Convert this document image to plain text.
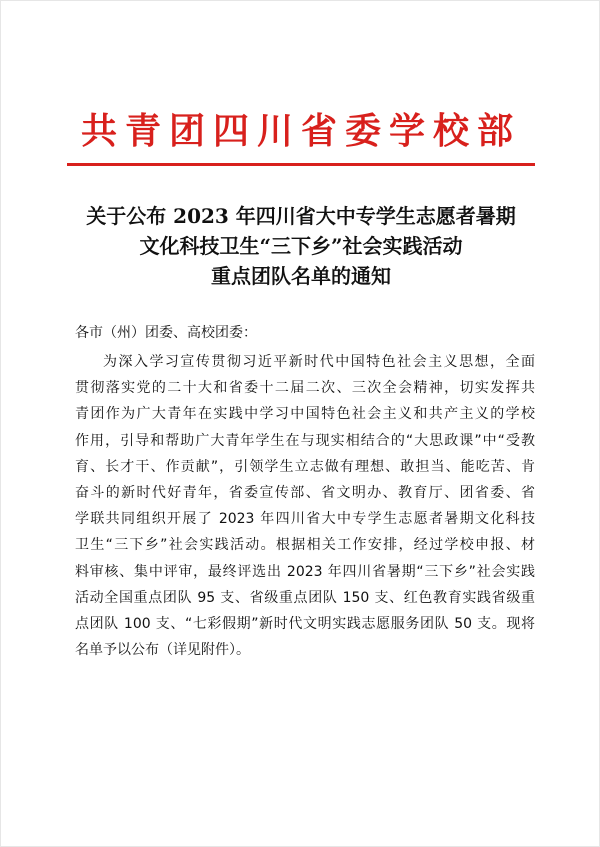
共青团四川省委学校部
关于公布 2023 年四川省大中专学生志愿者暑期
文化科技卫生“三下乡”社会实践活动
重点团队名单的通知
各市（州）团委、高校团委：
为深入学习宣传贯彻习近平新时代中国特色社会主义思想，全面
贯彻落实党的二十大和省委十二届二次、三次全会精神，切实发挥共
青团作为广大青年在实践中学习中国特色社会主义和共产主义的学校
作用，引导和帮助广大青年学生在与现实相结合的“大思政课”中“受教
育、长才干、作贡献”，引领学生立志做有理想、敢担当、能吃苦、肯
奋斗的新时代好青年，省委宣传部、省文明办、教育厅、团省委、省
学联共同组织开展了 2023 年四川省大中专学生志愿者暑期文化科技
卫生“三下乡”社会实践活动。根据相关工作安排，经过学校申报、材
料审核、集中评审，最终评选出 2023 年四川省暑期“三下乡”社会实践
活动全国重点团队 95 支、省级重点团队 150 支、红色教育实践省级重
点团队 100 支、“七彩假期”新时代文明实践志愿服务团队 50 支。现将
名单予以公布（详见附件）。
